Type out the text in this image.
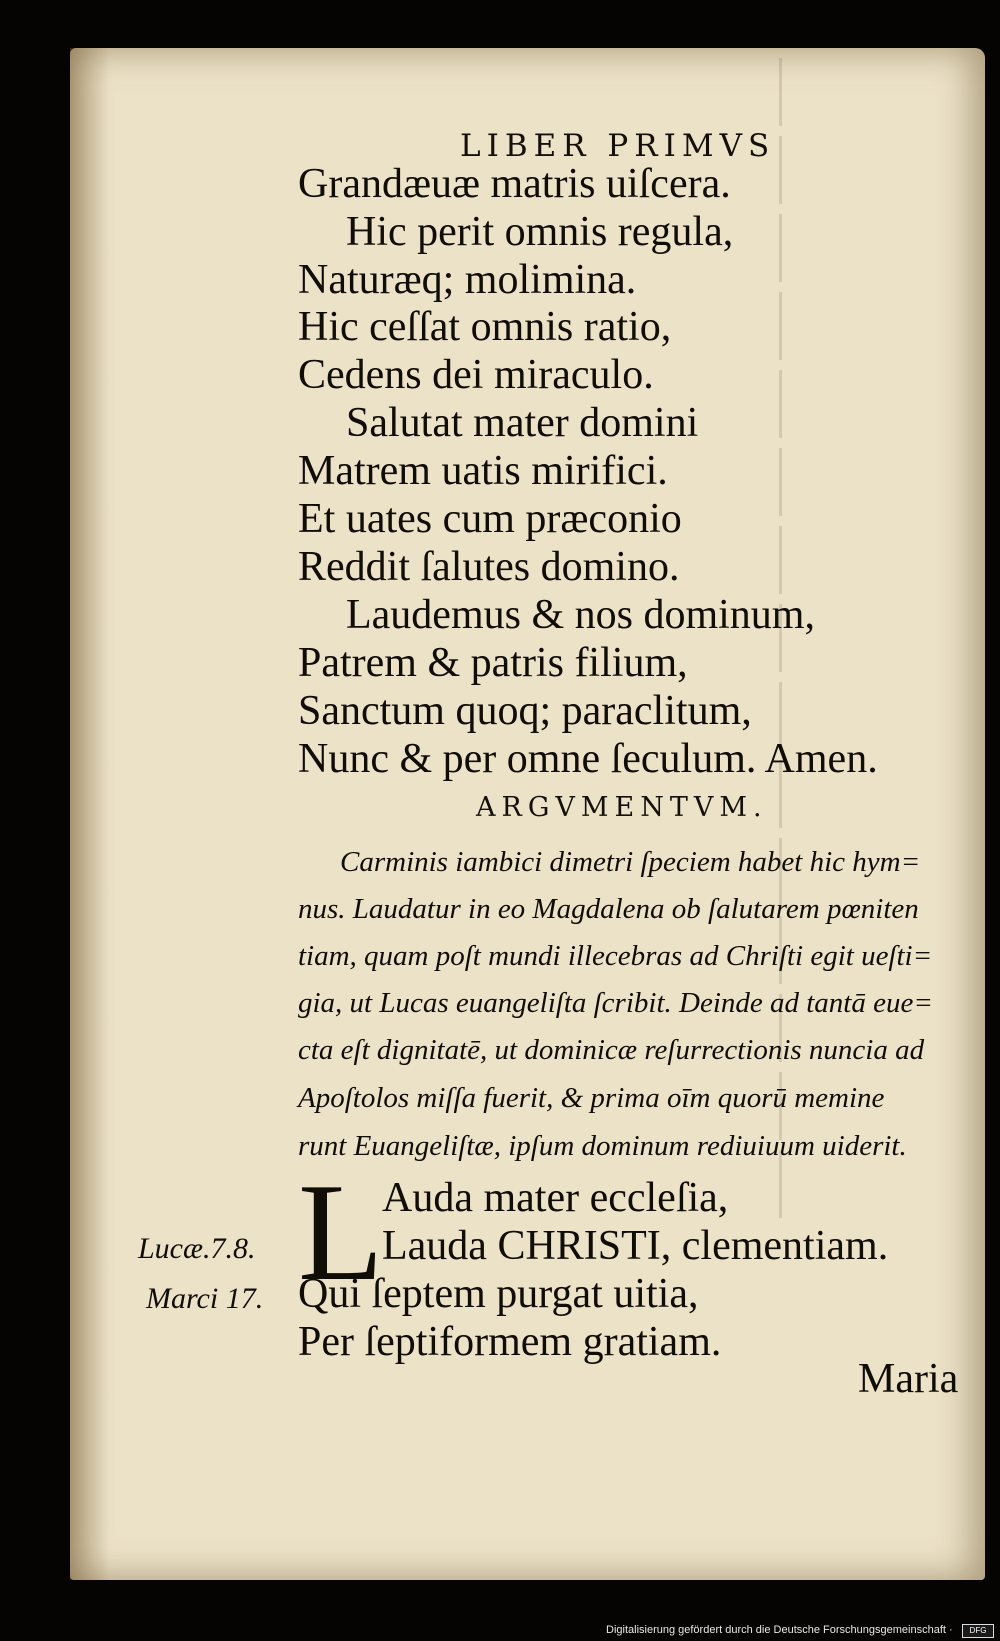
LIBER PRIMVS
Grandæuæ matris uiſcera.
Hic perit omnis regula,
Naturæq; molimina.
Hic ceſſat omnis ratio,
Cedens dei miraculo.
Salutat mater domini
Matrem uatis mirifici.
Et uates cum præconio
Reddit ſalutes domino.
Laudemus & nos dominum,
Patrem & patris filium,
Sanctum quoq; paraclitum,
Nunc & per omne ſeculum. Amen.
ARGVMENTVM.
Carminis iambici dimetri ſpeciem habet hic hym=
nus. Laudatur in eo Magdalena ob ſalutarem pœniten
tiam, quam poſt mundi illecebras ad Chriſti egit ueſti=
gia, ut Lucas euangeliſta ſcribit. Deinde ad tantā eue=
cta eſt dignitatē, ut dominicæ reſurrectionis nuncia ad
Apoſtolos miſſa fuerit, & prima oīm quorū memine
runt Euangeliſtæ, ipſum dominum rediuiuum uiderit.
L
Auda mater eccleſia,
Lauda CHRISTI, clementiam.
Qui ſeptem purgat uitia,
Per ſeptiformem gratiam.
Lucæ.7.8.
Marci 17.
Maria
Digitalisierung gefördert durch die Deutsche Forschungsgemeinschaft ·	DFG
